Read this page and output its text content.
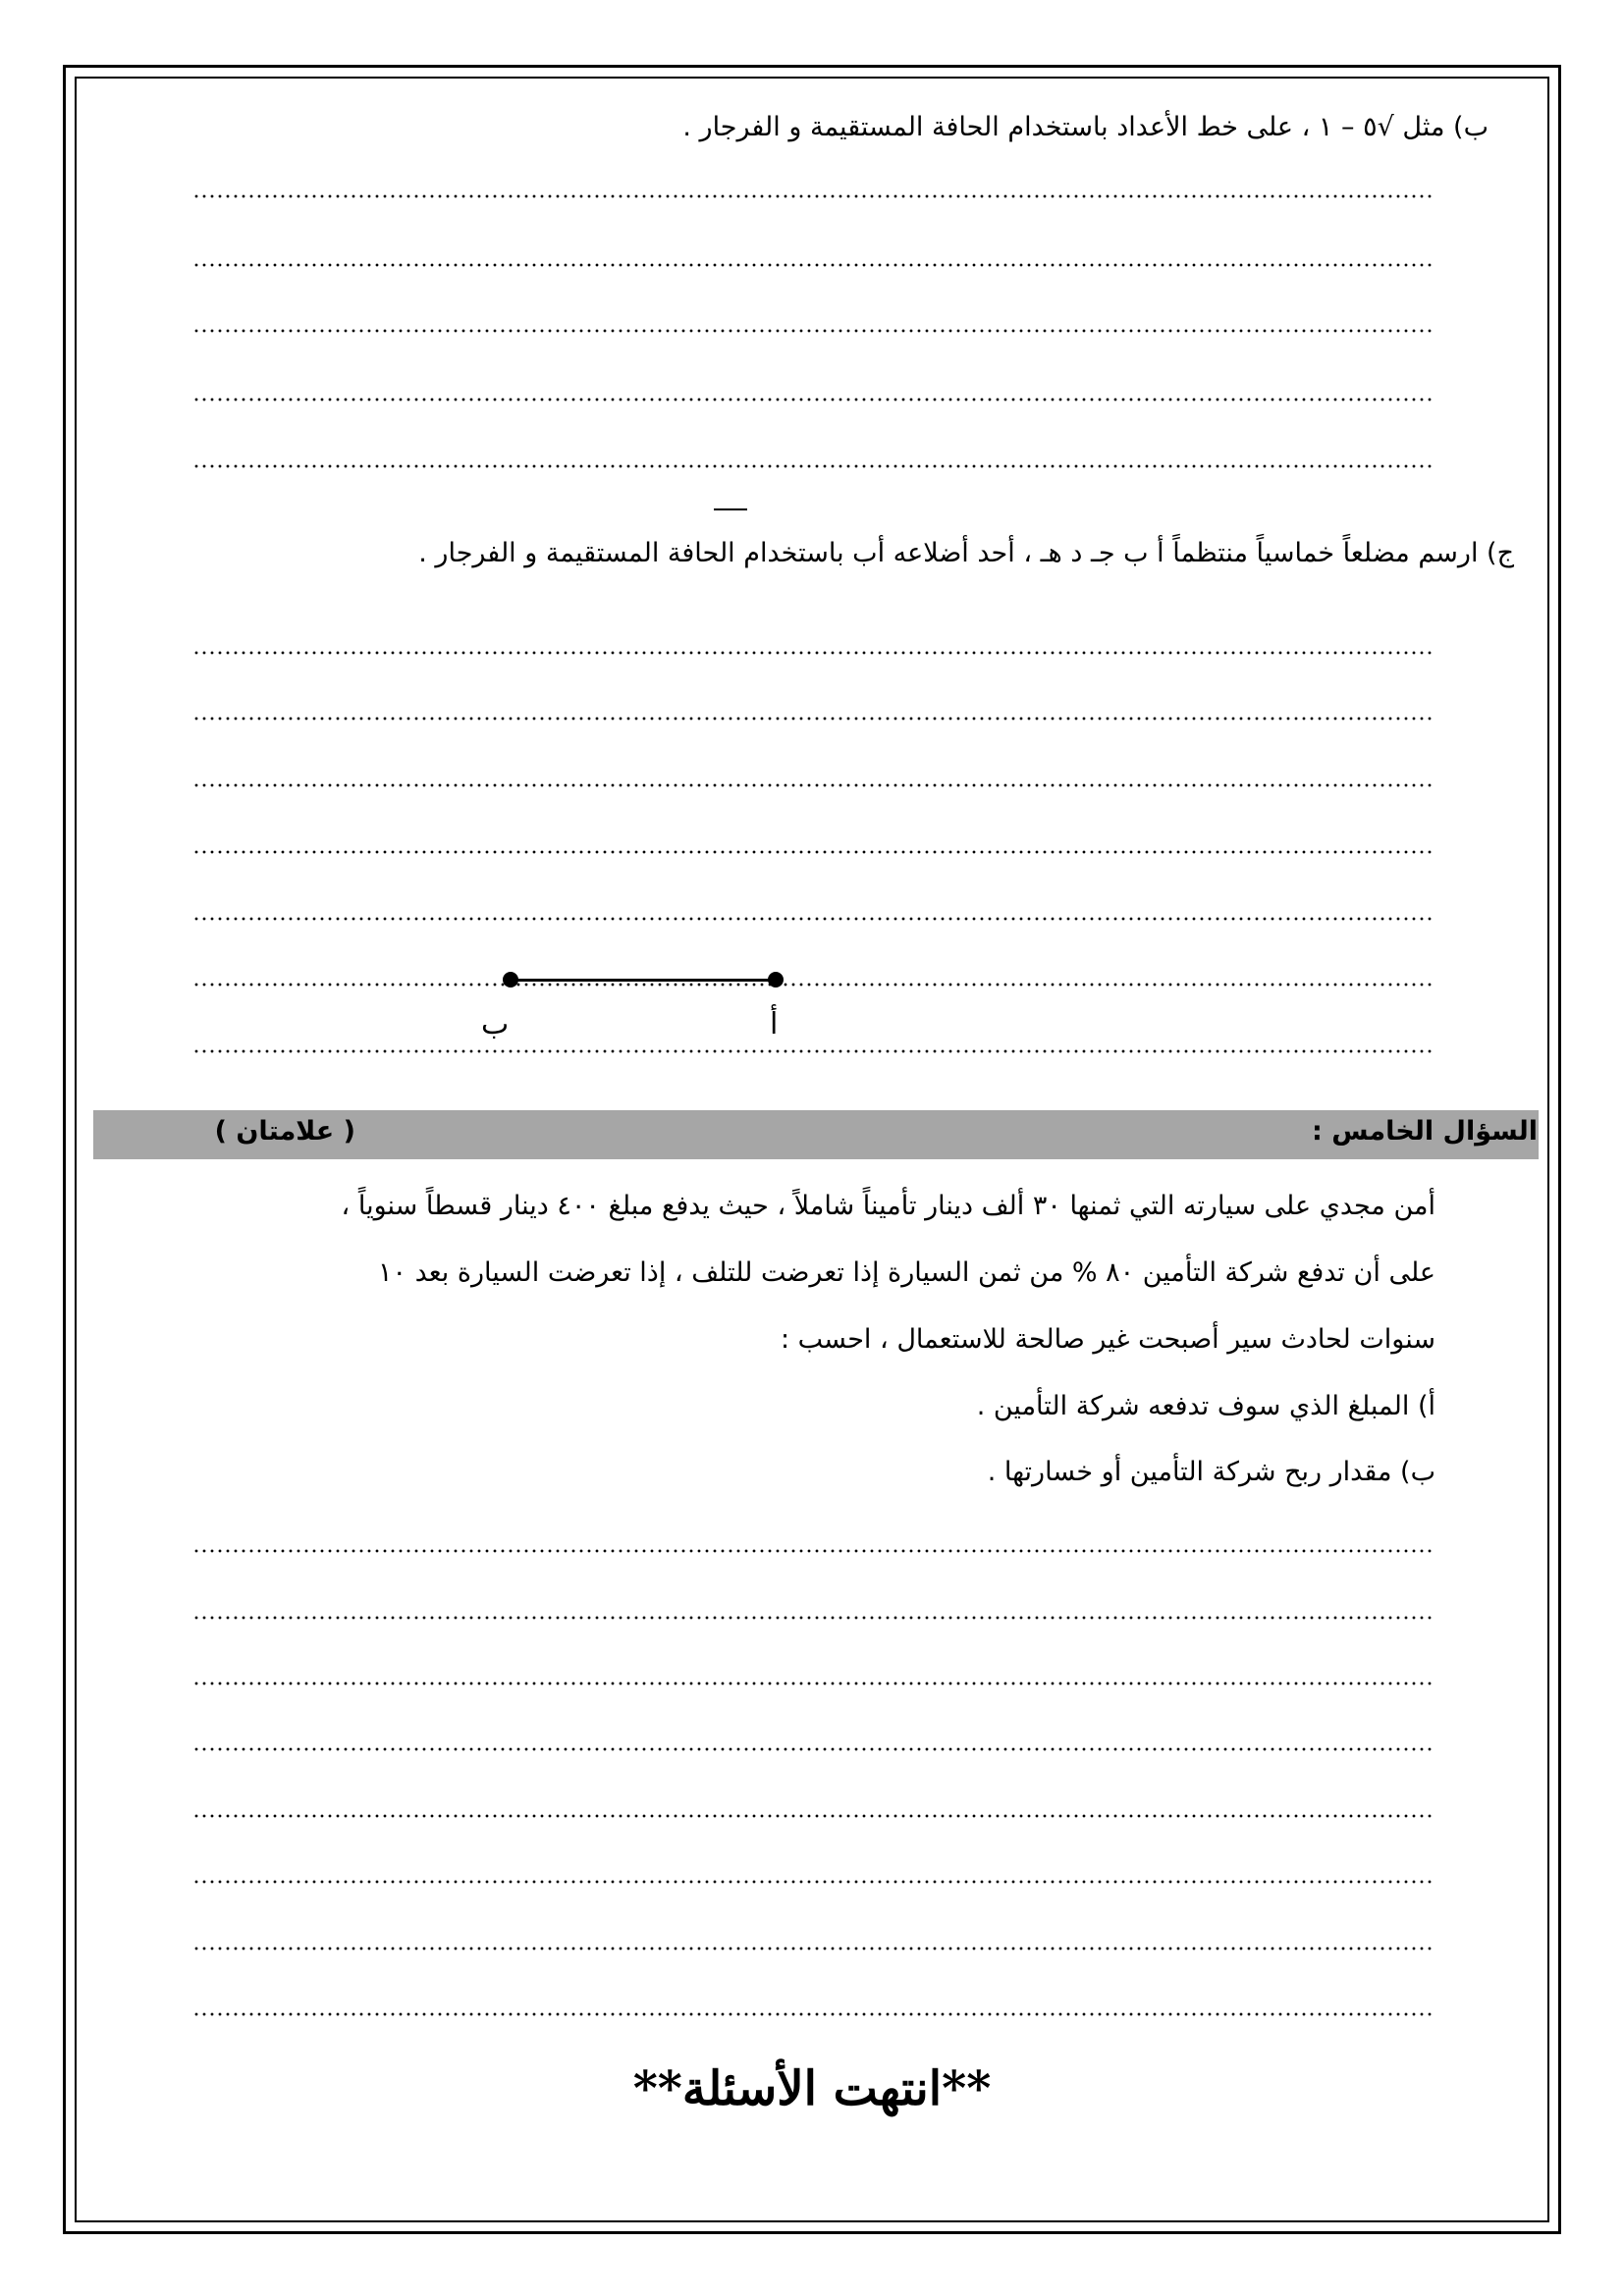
ب) مثل √٥ – ١ ، على خط الأعداد باستخدام الحافة المستقيمة و الفرجار .
ج) ارسم مضلعاً خماسياً منتظماً أ ب جـ د هـ ، أحد أضلاعه أب باستخدام الحافة المستقيمة و الفرجار .
ب	أ
السؤال الخامس :
( علامتان )
أمن مجدي على سيارته التي ثمنها ٣٠ ألف دينار تأميناً شاملاً ، حيث يدفع مبلغ ٤٠٠ دينار قسطاً سنوياً ،
على أن تدفع شركة التأمين ٨٠ % من ثمن السيارة إذا تعرضت للتلف ، إذا تعرضت السيارة بعد ١٠
سنوات لحادث سير أصبحت غير صالحة للاستعمال ، احسب :
أ) المبلغ الذي سوف تدفعه شركة التأمين .
ب) مقدار ربح شركة التأمين أو خسارتها .
**انتهت الأسئلة**
